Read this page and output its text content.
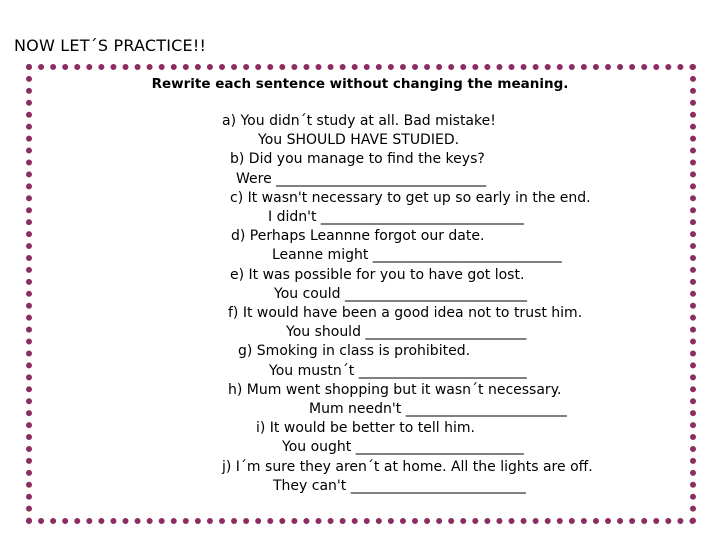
NOW LET´S PRACTICE!!
Rewrite each sentence without changing the meaning.
a) You didn´t study at all. Bad mistake!
You SHOULD HAVE STUDIED.
b) Did you manage to find the keys?
Were ______________________________
c) It wasn't necessary to get up so early in the end.
I didn't _____________________________
d) Perhaps Leannne forgot our date.
Leanne might ___________________________
e) It was possible for you to have got lost.
You could __________________________
f) It would have been a good idea not to trust him.
You should _______________________
g) Smoking in class is prohibited.
You mustn´t ________________________
h) Mum went shopping but it wasn´t necessary.
Mum needn't _______________________
i) It would be better to tell him.
You ought ________________________
j) I´m sure they aren´t at home. All the lights are off.
They can't _________________________
